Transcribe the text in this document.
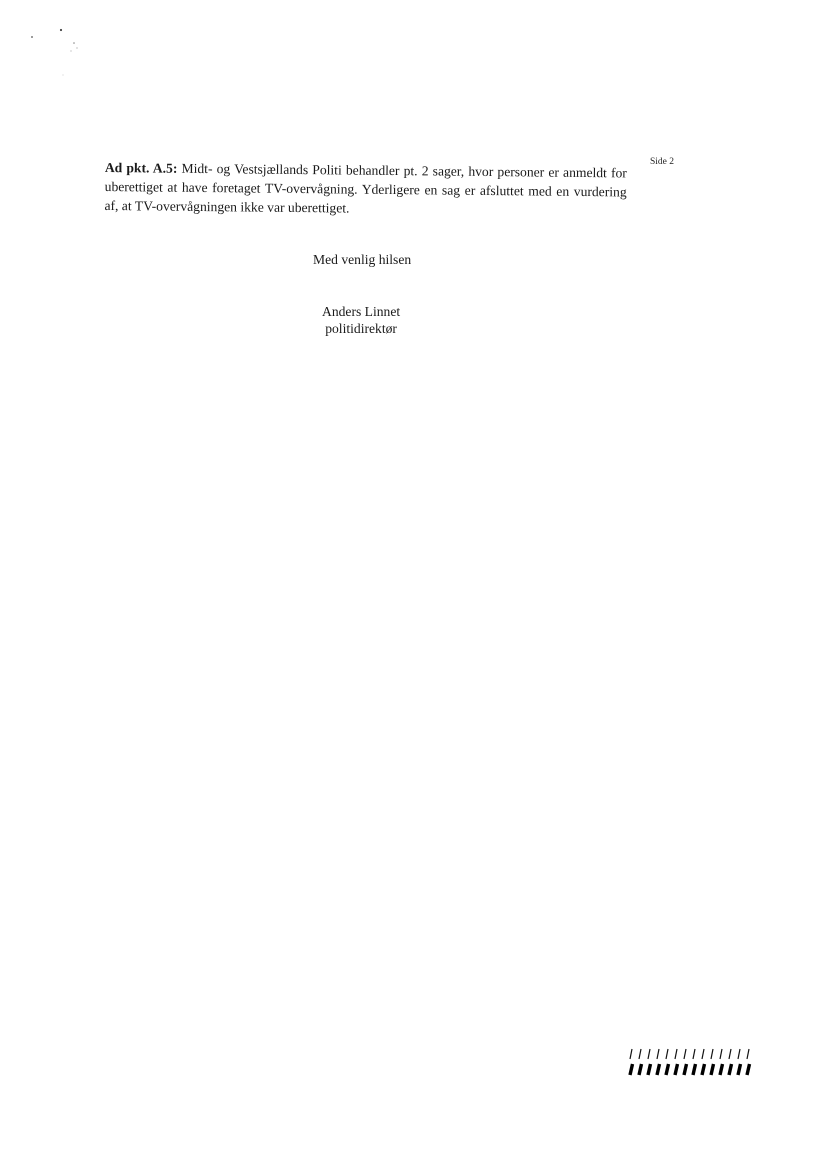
Side 2
Ad pkt. A.5: Midt- og Vestsjællands Politi behandler pt. 2 sager, hvor personer er anmeldt for uberettiget at have foretaget TV-overvågning. Yderligere en sag er afsluttet med en vurdering af, at TV-overvågningen ikke var uberettiget.
Med venlig hilsen
Anders Linnet
politidirektør
